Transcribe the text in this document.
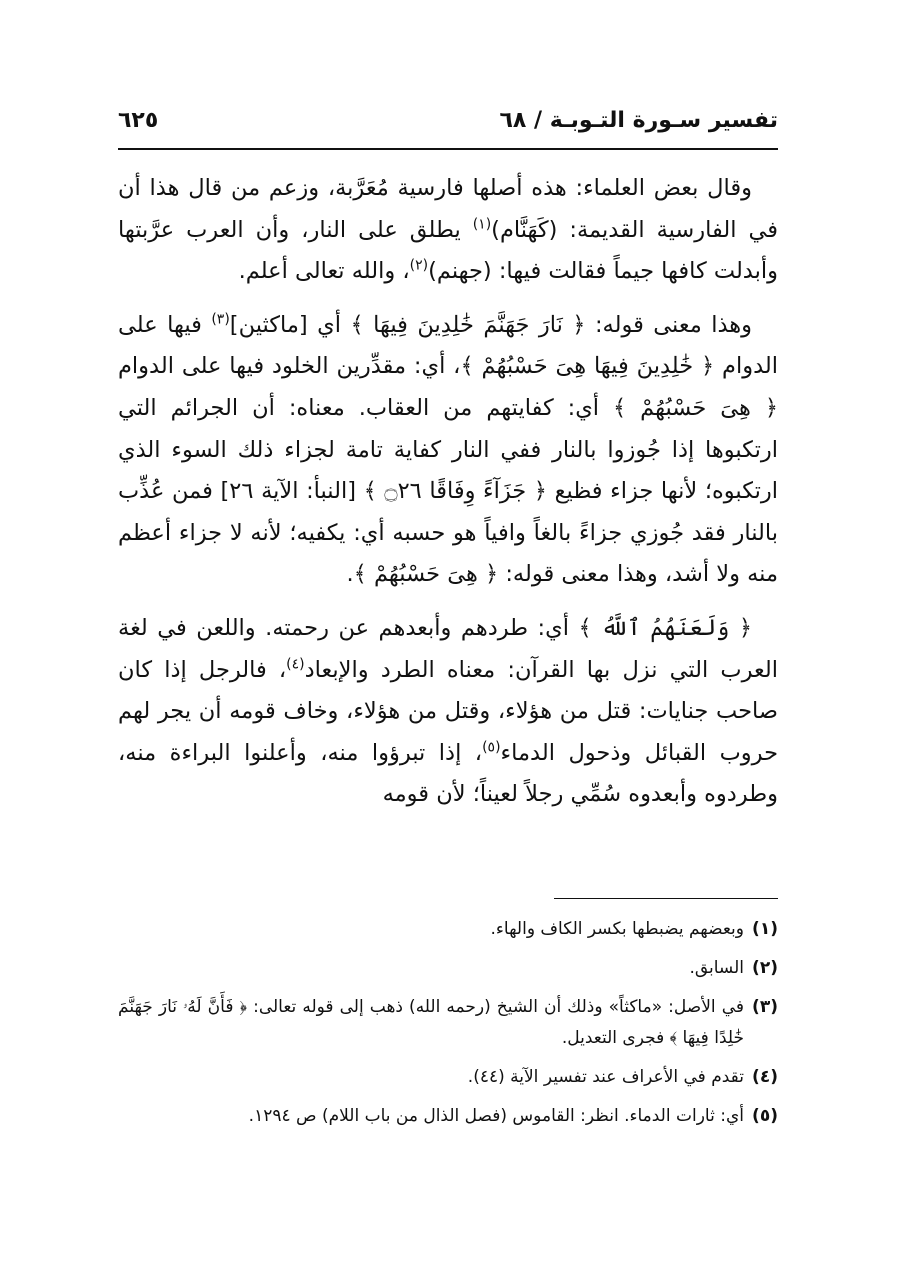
تفسير سـورة التـوبـة / ٦٨
٦٢٥

وقال بعض العلماء: هذه أصلها فارسية مُعَرَّبة، وزعم من قال هذا أن في الفارسية القديمة: (كَهَنَّام)$^{(١)}$ يطلق على النار، وأن العرب عرَّبتها وأبدلت كافها جيماً فقالت فيها: (جهنم)$^{(٢)}$، والله تعالى أعلم.

وهذا معنى قوله: ﴿ نَارَ جَهَنَّمَ خَٰلِدِينَ فِيهَا ﴾ أي [ماكثين]$^{(٣)}$ فيها على الدوام ﴿ خَٰلِدِينَ فِيهَا هِىَ حَسْبُهُمْ ﴾، أي: مقدِّرين الخلود فيها على الدوام ﴿ هِىَ حَسْبُهُمْ ﴾ أي: كفايتهم من العقاب. معناه: أن الجرائم التي ارتكبوها إذا جُوزوا بالنار ففي النار كفاية تامة لجزاء ذلك السوء الذي ارتكبوه؛ لأنها جزاء فظيع ﴿ جَزَآءً وِفَاقًا ۝٢٦ ﴾ [النبأ: الآية ٢٦] فمن عُذِّب بالنار فقد جُوزي جزاءً بالغاً وافياً هو حسبه أي: يكفيه؛ لأنه لا جزاء أعظم منه ولا أشد، وهذا معنى قوله: ﴿ هِىَ حَسْبُهُمْ ﴾.

﴿ وَلَعَنَهُمُ ٱللَّهُ ﴾ أي: طردهم وأبعدهم عن رحمته. واللعن في لغة العرب التي نزل بها القرآن: معناه الطرد والإبعاد$^{(٤)}$، فالرجل إذا كان صاحب جنايات: قتل من هؤلاء، وقتل من هؤلاء، وخاف قومه أن يجر لهم حروب القبائل وذحول الدماء$^{(٥)}$، إذا تبرؤوا منه، وأعلنوا البراءة منه، وطردوه وأبعدوه سُمِّي رجلاً لعيناً؛ لأن قومه

(١)
وبعضهم يضبطها بكسر الكاف والهاء.
(٢)
السابق.
(٣)
في الأصل: «ماكثاً» وذلك أن الشيخ (رحمه الله) ذهب إلى قوله تعالى: ﴿ فَأَنَّ لَهُۥ نَارَ جَهَنَّمَ خَٰلِدًا فِيهَا ﴾ فجرى التعديل.
(٤)
تقدم في الأعراف عند تفسير الآية (٤٤).
(٥)
أي: ثارات الدماء. انظر: القاموس (فصل الذال من باب اللام) ص ١٢٩٤.
